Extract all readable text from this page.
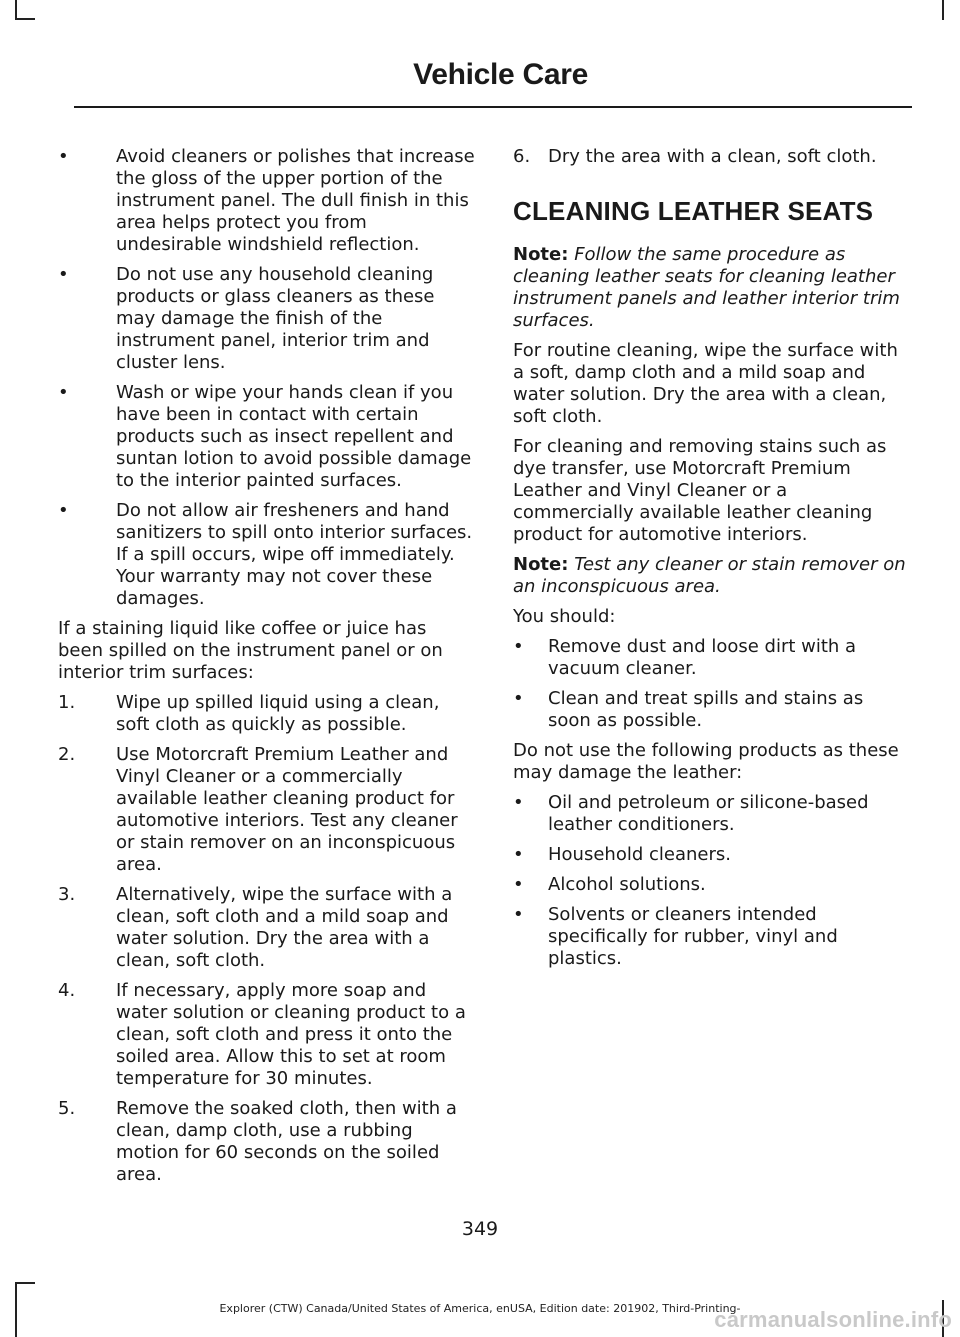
Vehicle Care
•	Avoid cleaners or polishes that increase the gloss of the upper portion of the instrument panel. The dull finish in this area helps protect you from undesirable windshield reflection.
•	Do not use any household cleaning products or glass cleaners as these may damage the finish of the instrument panel, interior trim and cluster lens.
•	Wash or wipe your hands clean if you have been in contact with certain products such as insect repellent and suntan lotion to avoid possible damage to the interior painted surfaces.
•	Do not allow air fresheners and hand sanitizers to spill onto interior surfaces. If a spill occurs, wipe off immediately. Your warranty may not cover these damages.

If a staining liquid like coffee or juice has been spilled on the instrument panel or on interior trim surfaces:

1.	Wipe up spilled liquid using a clean, soft cloth as quickly as possible.
2.	Use Motorcraft Premium Leather and Vinyl Cleaner or a commercially available leather cleaning product for automotive interiors. Test any cleaner or stain remover on an inconspicuous area.
3.	Alternatively, wipe the surface with a clean, soft cloth and a mild soap and water solution. Dry the area with a clean, soft cloth.
4.	If necessary, apply more soap and water solution or cleaning product to a clean, soft cloth and press it onto the soiled area. Allow this to set at room temperature for 30 minutes.
5.	Remove the soaked cloth, then with a clean, damp cloth, use a rubbing motion for 60 seconds on the soiled area.
6. Dry the area with a clean, soft cloth.
CLEANING LEATHER SEATS

Note: Follow the same procedure as cleaning leather seats for cleaning leather instrument panels and leather interior trim surfaces.

For routine cleaning, wipe the surface with a soft, damp cloth and a mild soap and water solution. Dry the area with a clean, soft cloth.

For cleaning and removing stains such as dye transfer, use Motorcraft Premium Leather and Vinyl Cleaner or a commercially available leather cleaning product for automotive interiors.

Note: Test any cleaner or stain remover on an inconspicuous area.

You should:

•	Remove dust and loose dirt with a vacuum cleaner.
•	Clean and treat spills and stains as soon as possible.

Do not use the following products as these may damage the leather:

•	Oil and petroleum or silicone-based leather conditioners.
•	Household cleaners.
•	Alcohol solutions.
•	Solvents or cleaners intended specifically for rubber, vinyl and plastics.
349
Explorer (CTW) Canada/United States of America, enUSA, Edition date: 201902, Third-Printing-
carmanualsonline.info
